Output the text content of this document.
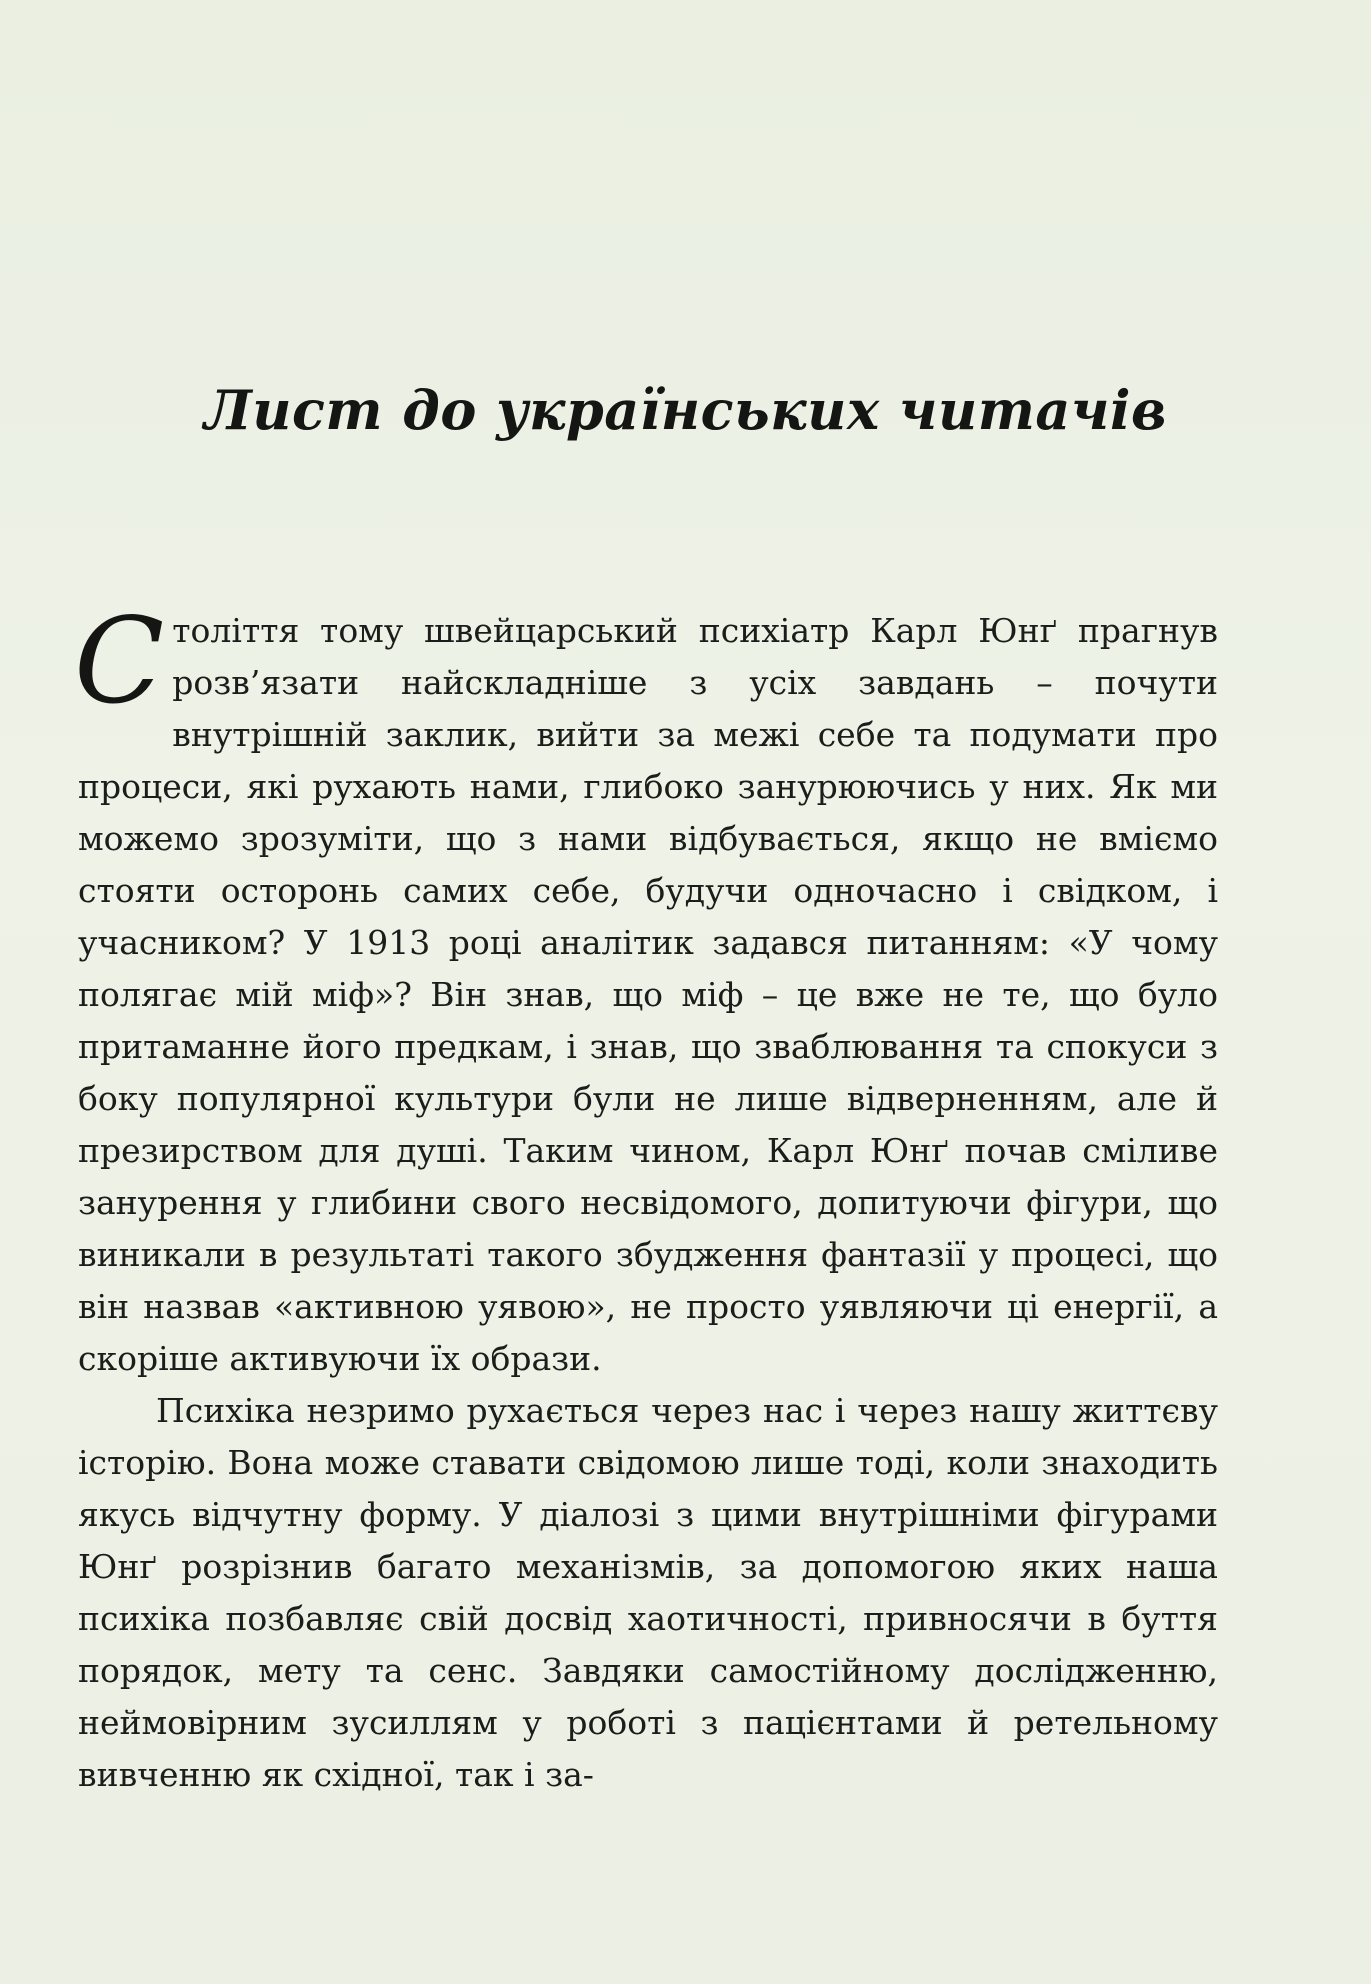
Лист до українських читачів

Століття тому швейцарський психіатр Карл Юнґ прагнув розв’язати найскладніше з усіх завдань – почути внутрішній заклик, вийти за межі себе та подумати про процеси, які рухають нами, глибоко занурюючись у них. Як ми можемо зрозуміти, що з нами відбувається, якщо не вміємо стояти осторонь самих себе, будучи одночасно і свідком, і учасником? У 1913 році аналітик задався питанням: «У чому полягає мій міф»? Він знав, що міф – це вже не те, що було притаманне його предкам, і знав, що зваблювання та спокуси з боку популярної культури були не лише відверненням, але й презирством для душі. Таким чином, Карл Юнґ почав сміливе занурення у глибини свого несвідомого, допитуючи фігури, що виникали в результаті такого збудження фантазії у процесі, що він назвав «активною уявою», не просто уявляючи ці енергії, а скоріше активуючи їх образи.

Психіка незримо рухається через нас і через нашу життєву історію. Вона може ставати свідомою лише тоді, коли знаходить якусь відчутну форму. У діалозі з цими внутрішніми фігурами Юнґ розрізнив багато механізмів, за допомогою яких наша психіка позбавляє свій досвід хаотичності, привносячи в буття порядок, мету та сенс. Завдяки самостійному дослідженню, неймовірним зусиллям у роботі з пацієнтами й ретельному вивченню як східної, так і за-
